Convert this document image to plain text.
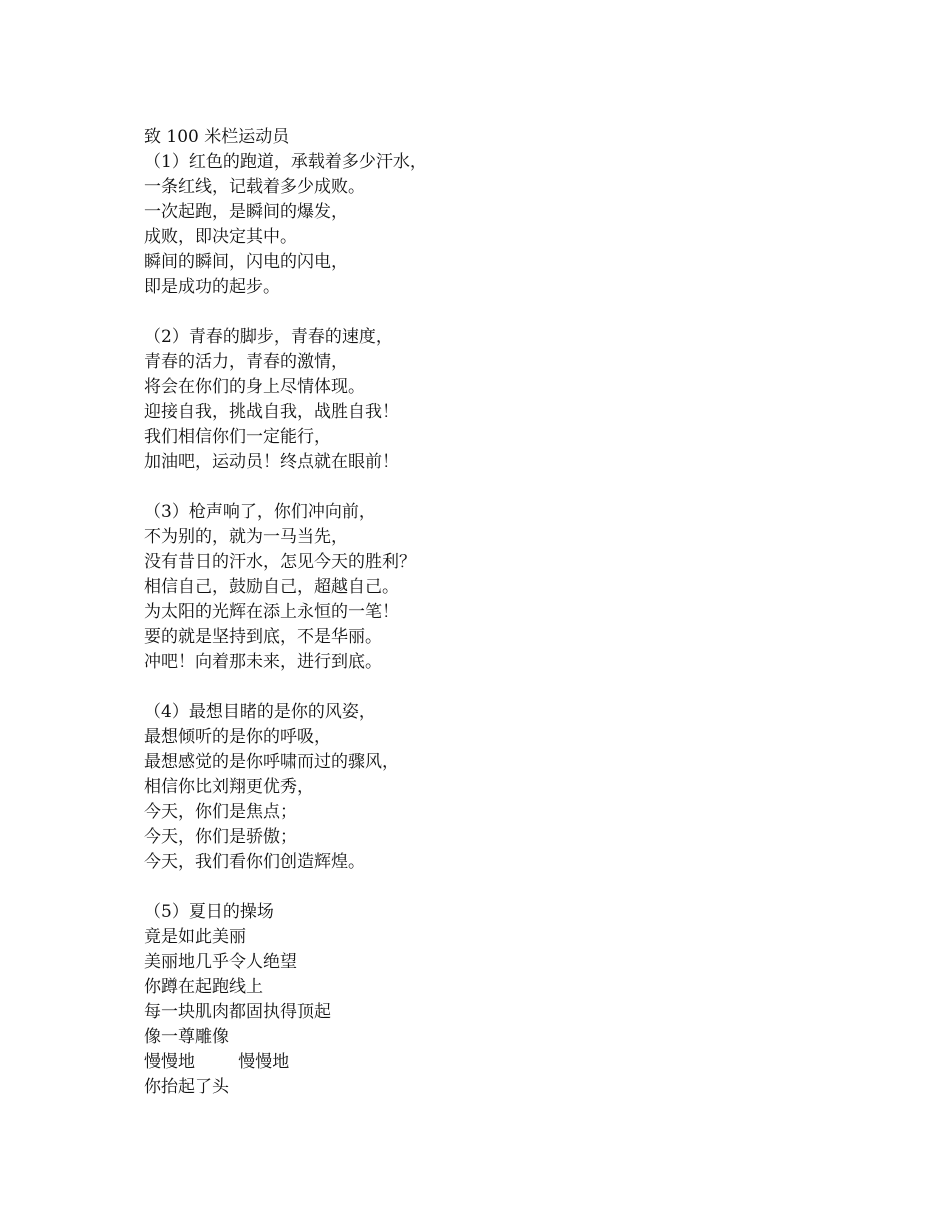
致 100 米栏运动员
（1）红色的跑道，承载着多少汗水，
一条红线，记载着多少成败。
一次起跑，是瞬间的爆发，
成败，即决定其中。
瞬间的瞬间，闪电的闪电，
即是成功的起步。
（2）青春的脚步，青春的速度，
青春的活力，青春的激情，
将会在你们的身上尽情体现。
迎接自我，挑战自我，战胜自我！
我们相信你们一定能行，
加油吧，运动员！终点就在眼前！
（3）枪声响了，你们冲向前，
不为别的，就为一马当先，
没有昔日的汗水，怎见今天的胜利？
相信自己，鼓励自己，超越自己。
为太阳的光辉在添上永恒的一笔！
要的就是坚持到底，不是华丽。
冲吧！向着那未来，进行到底。
（4）最想目睹的是你的风姿，
最想倾听的是你的呼吸，
最想感觉的是你呼啸而过的骤风，
相信你比刘翔更优秀，
今天，你们是焦点；
今天，你们是骄傲；
今天，我们看你们创造辉煌。
（5）夏日的操场
竟是如此美丽
美丽地几乎令人绝望
你蹲在起跑线上
每一块肌肉都固执得顶起
像一尊雕像
慢慢地        慢慢地
你抬起了头
